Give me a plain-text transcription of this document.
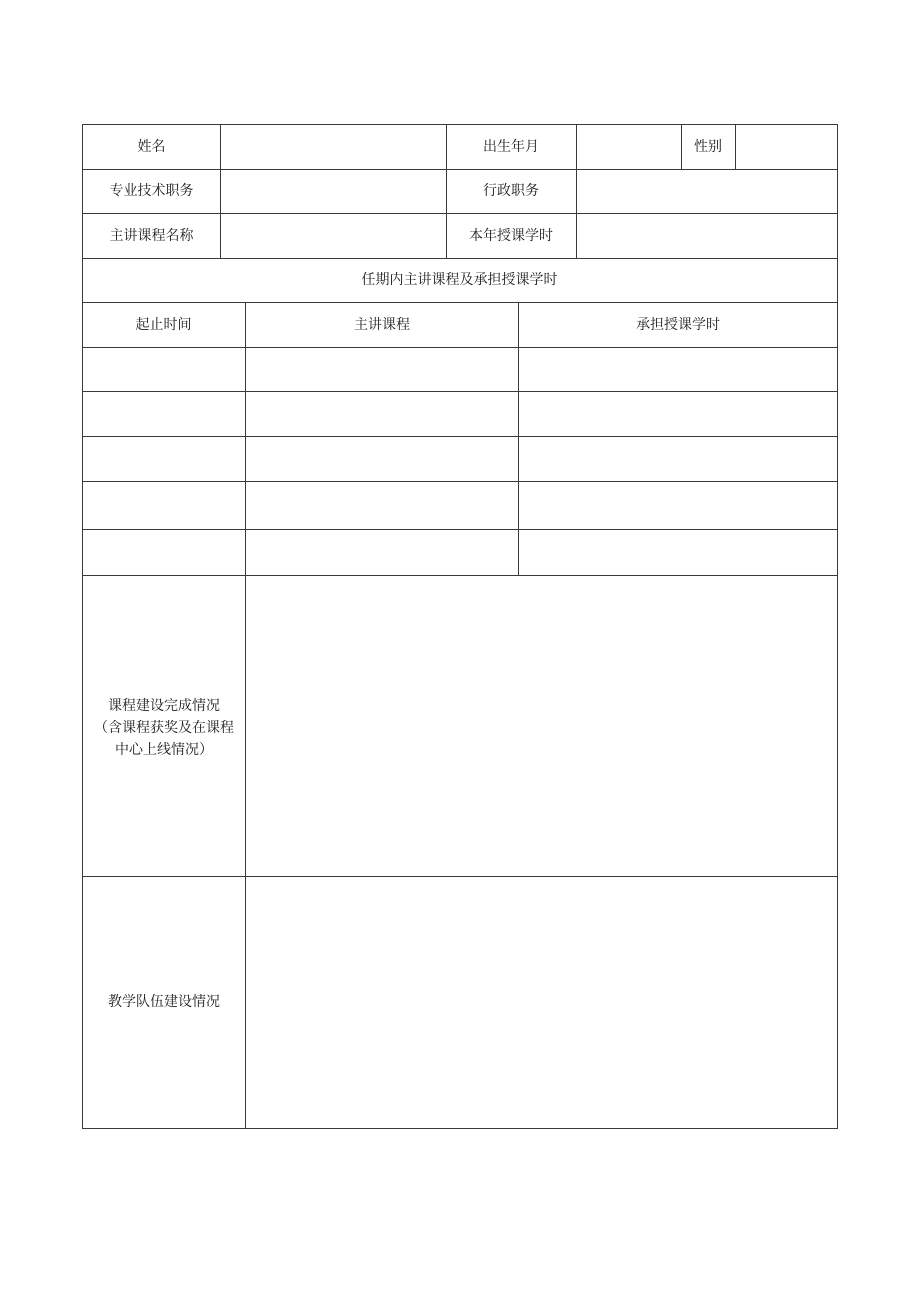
姓名	出生年月	性别
专业技术职务	行政职务
主讲课程名称	本年授课学时
任期内主讲课程及承担授课学时
起止时间	主讲课程	承担授课学时
课程建设完成情况
（含课程获奖及在课程
中心上线情况）
教学队伍建设情况
